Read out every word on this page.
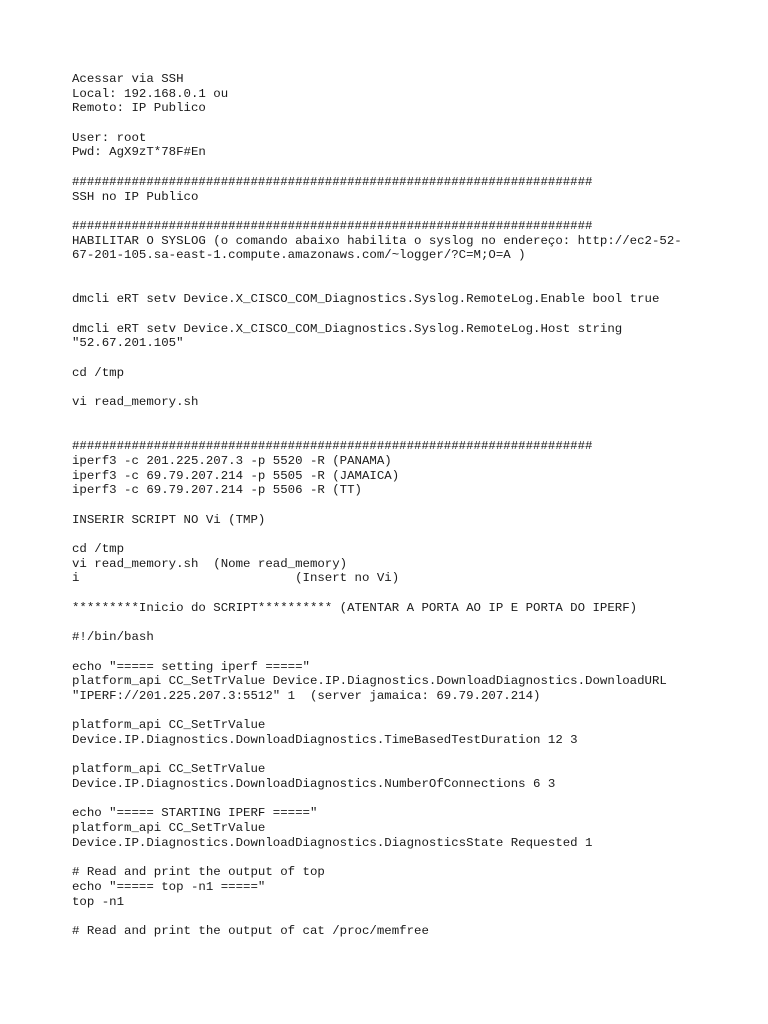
Acessar via SSH
Local: 192.168.0.1 ou
Remoto: IP Publico
User: root
Pwd: AgX9zT*78F#En
######################################################################
SSH no IP Publico
######################################################################
HABILITAR O SYSLOG (o comando abaixo habilita o syslog no endereço: http://ec2-52-
67-201-105.sa-east-1.compute.amazonaws.com/~logger/?C=M;O=A )
dmcli eRT setv Device.X_CISCO_COM_Diagnostics.Syslog.RemoteLog.Enable bool true
dmcli eRT setv Device.X_CISCO_COM_Diagnostics.Syslog.RemoteLog.Host string
"52.67.201.105"
cd /tmp
vi read_memory.sh
######################################################################
iperf3 -c 201.225.207.3 -p 5520 -R (PANAMA)
iperf3 -c 69.79.207.214 -p 5505 -R (JAMAICA)
iperf3 -c 69.79.207.214 -p 5506 -R (TT)
INSERIR SCRIPT NO Vi (TMP)
cd /tmp
vi read_memory.sh  (Nome read_memory)
i                             (Insert no Vi)
*********Inicio do SCRIPT********** (ATENTAR A PORTA AO IP E PORTA DO IPERF)
#!/bin/bash
echo "===== setting iperf ====="
platform_api CC_SetTrValue Device.IP.Diagnostics.DownloadDiagnostics.DownloadURL
"IPERF://201.225.207.3:5512" 1  (server jamaica: 69.79.207.214)
platform_api CC_SetTrValue
Device.IP.Diagnostics.DownloadDiagnostics.TimeBasedTestDuration 12 3
platform_api CC_SetTrValue
Device.IP.Diagnostics.DownloadDiagnostics.NumberOfConnections 6 3
echo "===== STARTING IPERF ====="
platform_api CC_SetTrValue
Device.IP.Diagnostics.DownloadDiagnostics.DiagnosticsState Requested 1
# Read and print the output of top
echo "===== top -n1 ====="
top -n1
# Read and print the output of cat /proc/memfree
